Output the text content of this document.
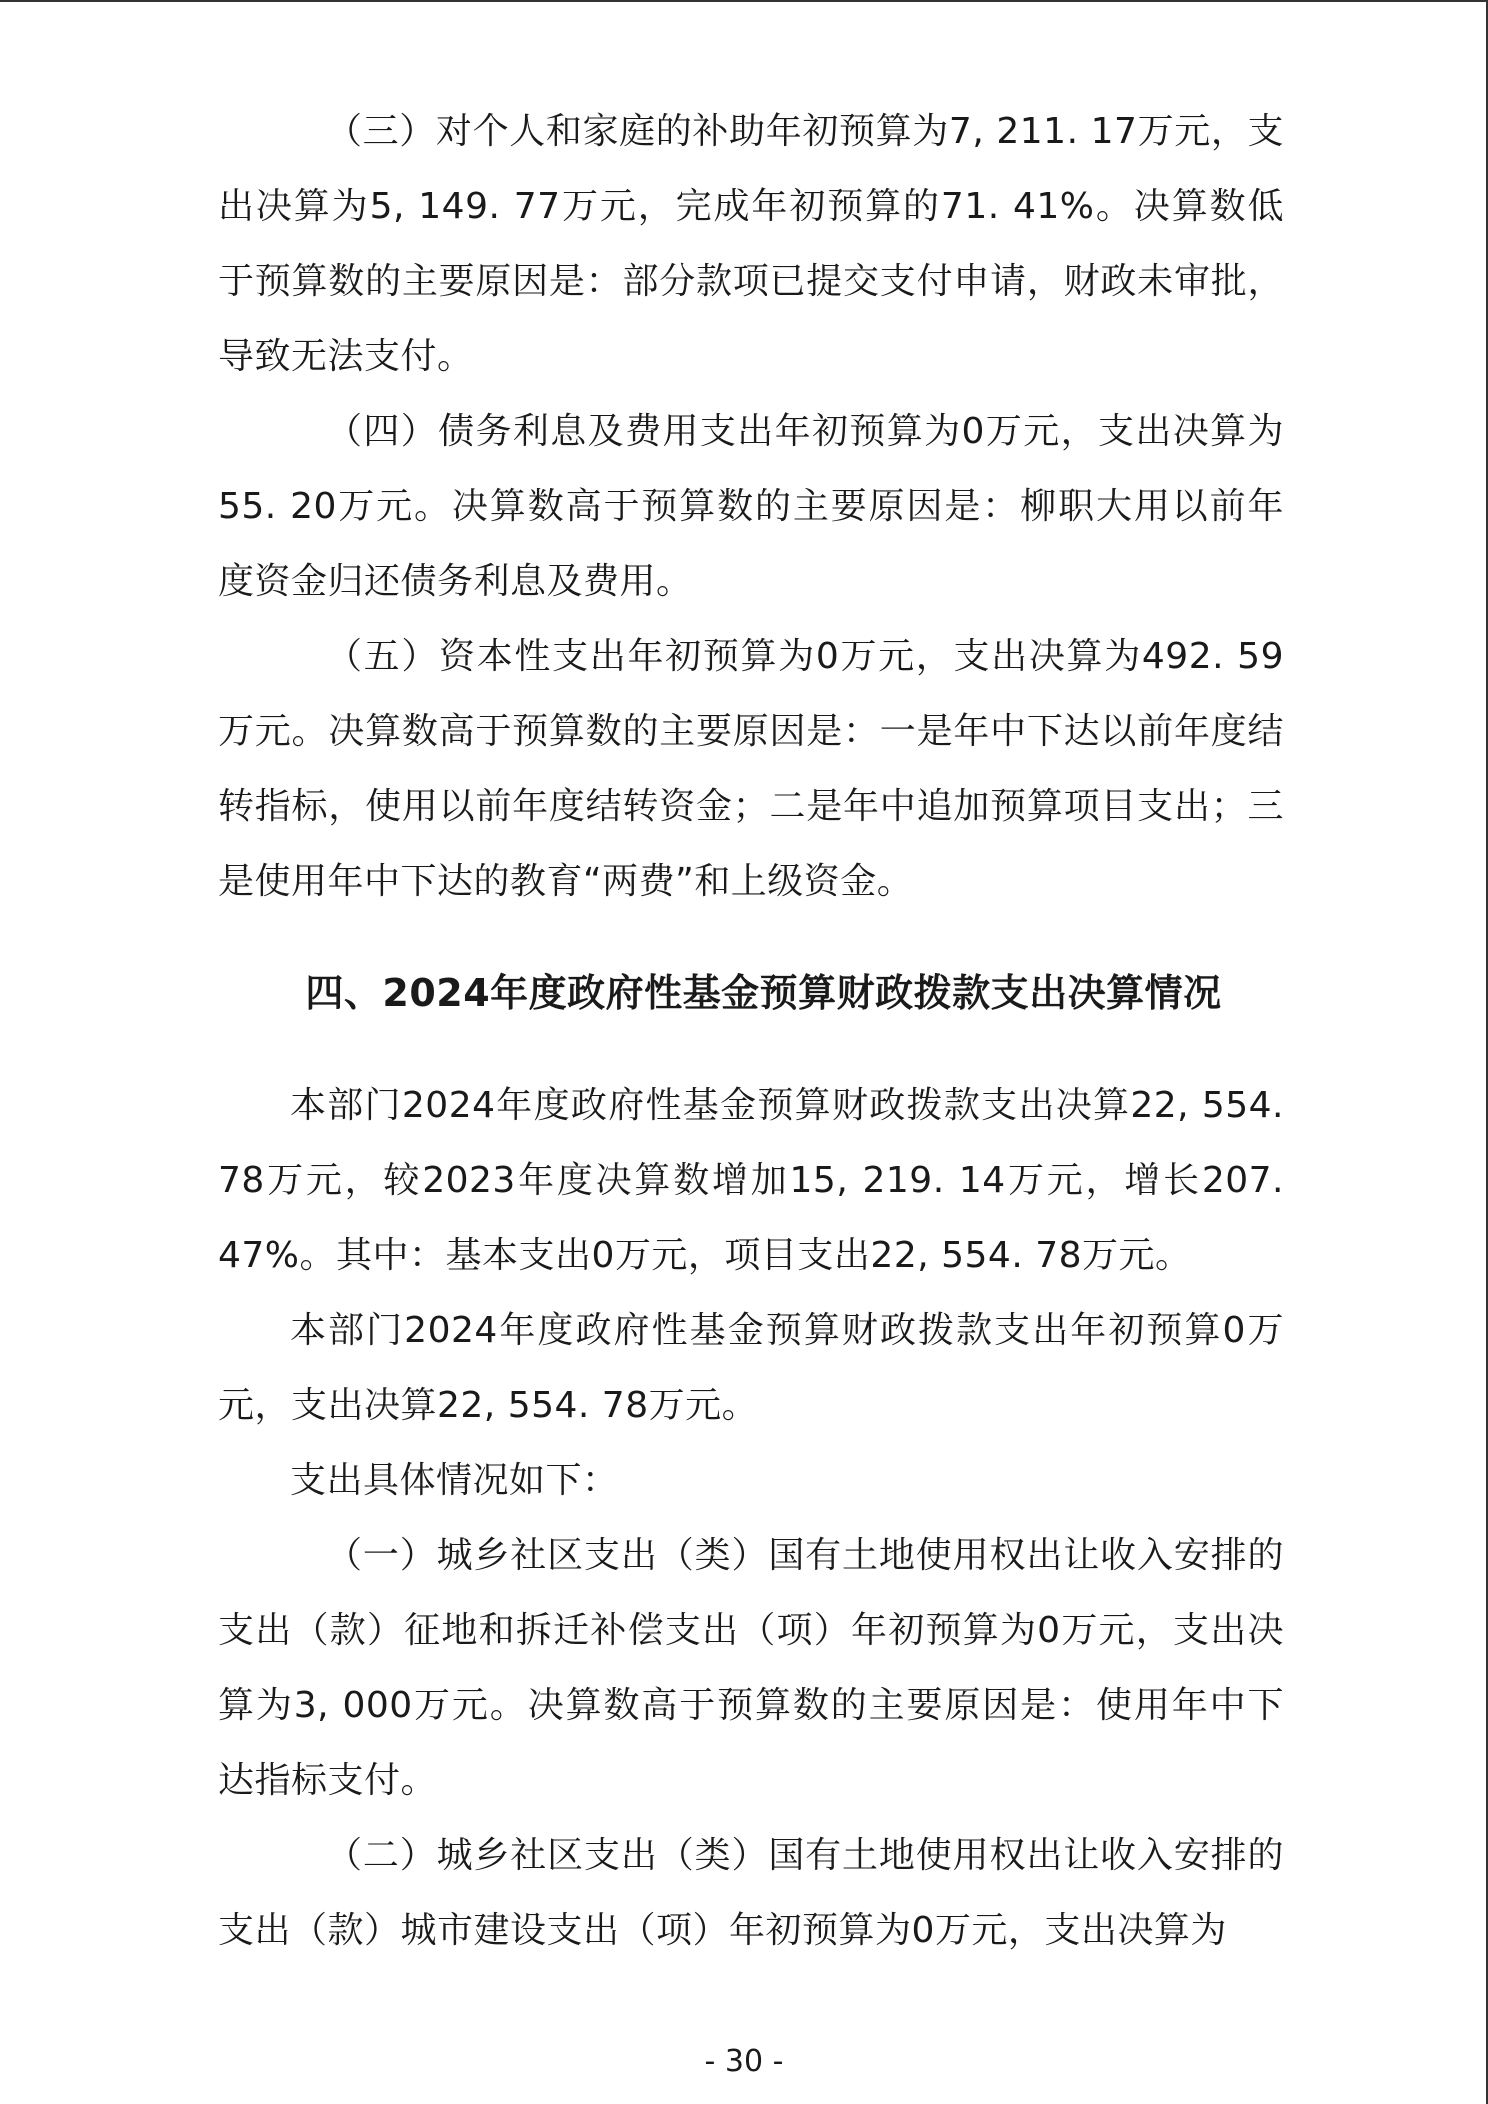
（三）对个人和家庭的补助年初预算为7, 211. 17万元，支出决算为5, 149. 77万元，完成年初预算的71. 41%。决算数低于预算数的主要原因是：部分款项已提交支付申请，财政未审批，导致无法支付。

（四）债务利息及费用支出年初预算为0万元，支出决算为55. 20万元。决算数高于预算数的主要原因是：柳职大用以前年度资金归还债务利息及费用。

（五）资本性支出年初预算为0万元，支出决算为492. 59万元。决算数高于预算数的主要原因是：一是年中下达以前年度结转指标，使用以前年度结转资金；二是年中追加预算项目支出；三是使用年中下达的教育“两费”和上级资金。

四、2024年度政府性基金预算财政拨款支出决算情况

本部门2024年度政府性基金预算财政拨款支出决算22, 554. 78万元，较2023年度决算数增加15, 219. 14万元，增长207. 47%。其中：基本支出0万元，项目支出22, 554. 78万元。

本部门2024年度政府性基金预算财政拨款支出年初预算0万元，支出决算22, 554. 78万元。

支出具体情况如下：

（一）城乡社区支出（类）国有土地使用权出让收入安排的支出（款）征地和拆迁补偿支出（项）年初预算为0万元，支出决算为3, 000万元。决算数高于预算数的主要原因是：使用年中下达指标支付。

（二）城乡社区支出（类）国有土地使用权出让收入安排的支出（款）城市建设支出（项）年初预算为0万元，支出决算为

- 30 -
